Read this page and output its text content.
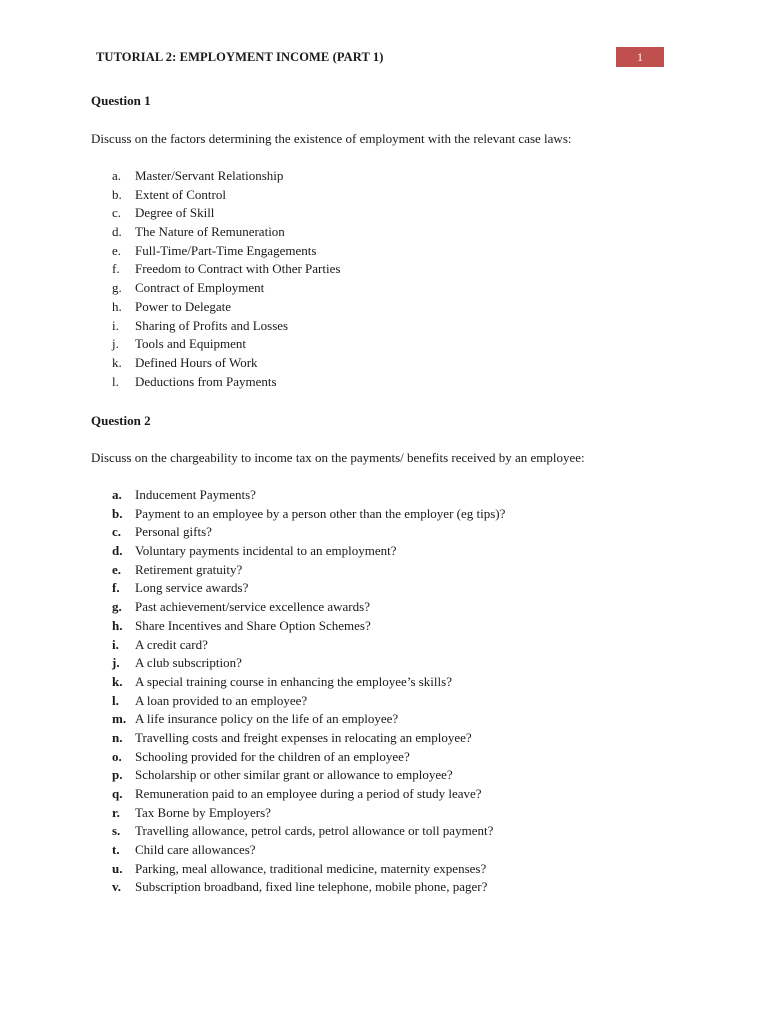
TUTORIAL 2: EMPLOYMENT INCOME (PART 1)	1
Question 1
Discuss on the factors determining the existence of employment with the relevant case laws:
a. Master/Servant Relationship
b. Extent of Control
c. Degree of Skill
d. The Nature of Remuneration
e. Full-Time/Part-Time Engagements
f. Freedom to Contract with Other Parties
g. Contract of Employment
h. Power to Delegate
i. Sharing of Profits and Losses
j. Tools and Equipment
k. Defined Hours of Work
l. Deductions from Payments
Question 2
Discuss on the chargeability to income tax on the payments/ benefits received by an employee:
a. Inducement Payments?
b. Payment to an employee by a person other than the employer (eg tips)?
c. Personal gifts?
d. Voluntary payments incidental to an employment?
e. Retirement gratuity?
f. Long service awards?
g. Past achievement/service excellence awards?
h. Share Incentives and Share Option Schemes?
i. A credit card?
j. A club subscription?
k. A special training course in enhancing the employee’s skills?
l. A loan provided to an employee?
m. A life insurance policy on the life of an employee?
n. Travelling costs and freight expenses in relocating an employee?
o. Schooling provided for the children of an employee?
p. Scholarship or other similar grant or allowance to employee?
q. Remuneration paid to an employee during a period of study leave?
r. Tax Borne by Employers?
s. Travelling allowance, petrol cards, petrol allowance or toll payment?
t. Child care allowances?
u. Parking, meal allowance, traditional medicine, maternity expenses?
v. Subscription broadband, fixed line telephone, mobile phone, pager?
